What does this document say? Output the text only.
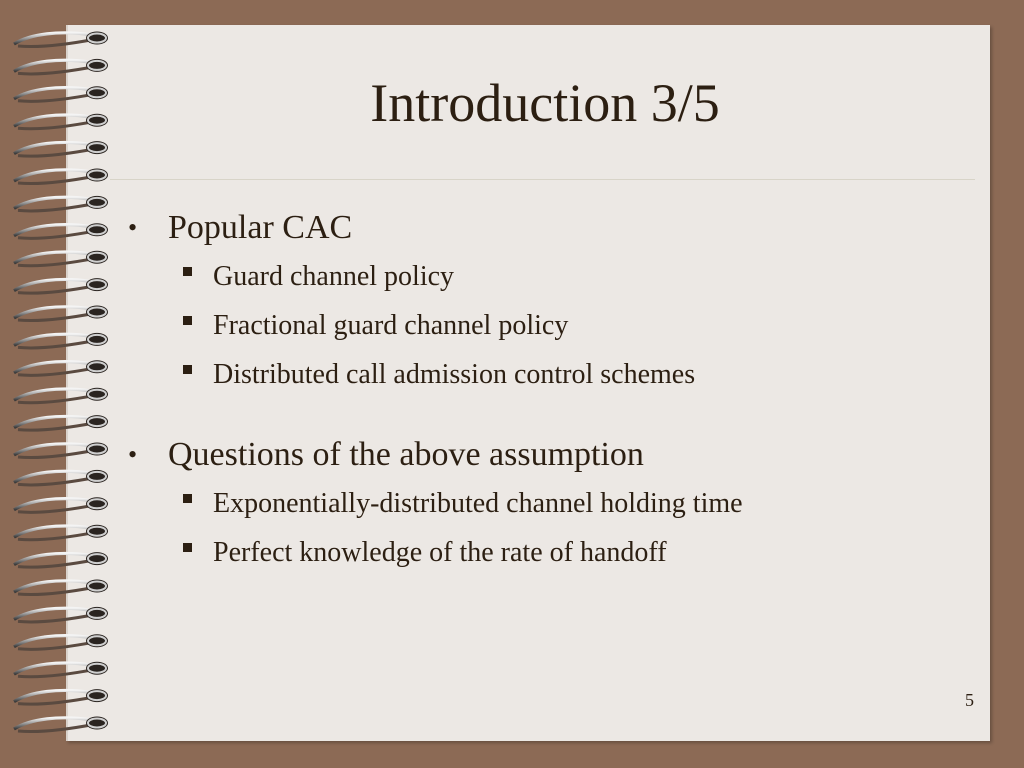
Introduction 3/5
• Popular CAC
Guard channel policy
Fractional guard channel policy
Distributed call admission control schemes
• Questions of the above assumption
Exponentially-distributed channel holding time
Perfect knowledge of the rate of handoff
5
